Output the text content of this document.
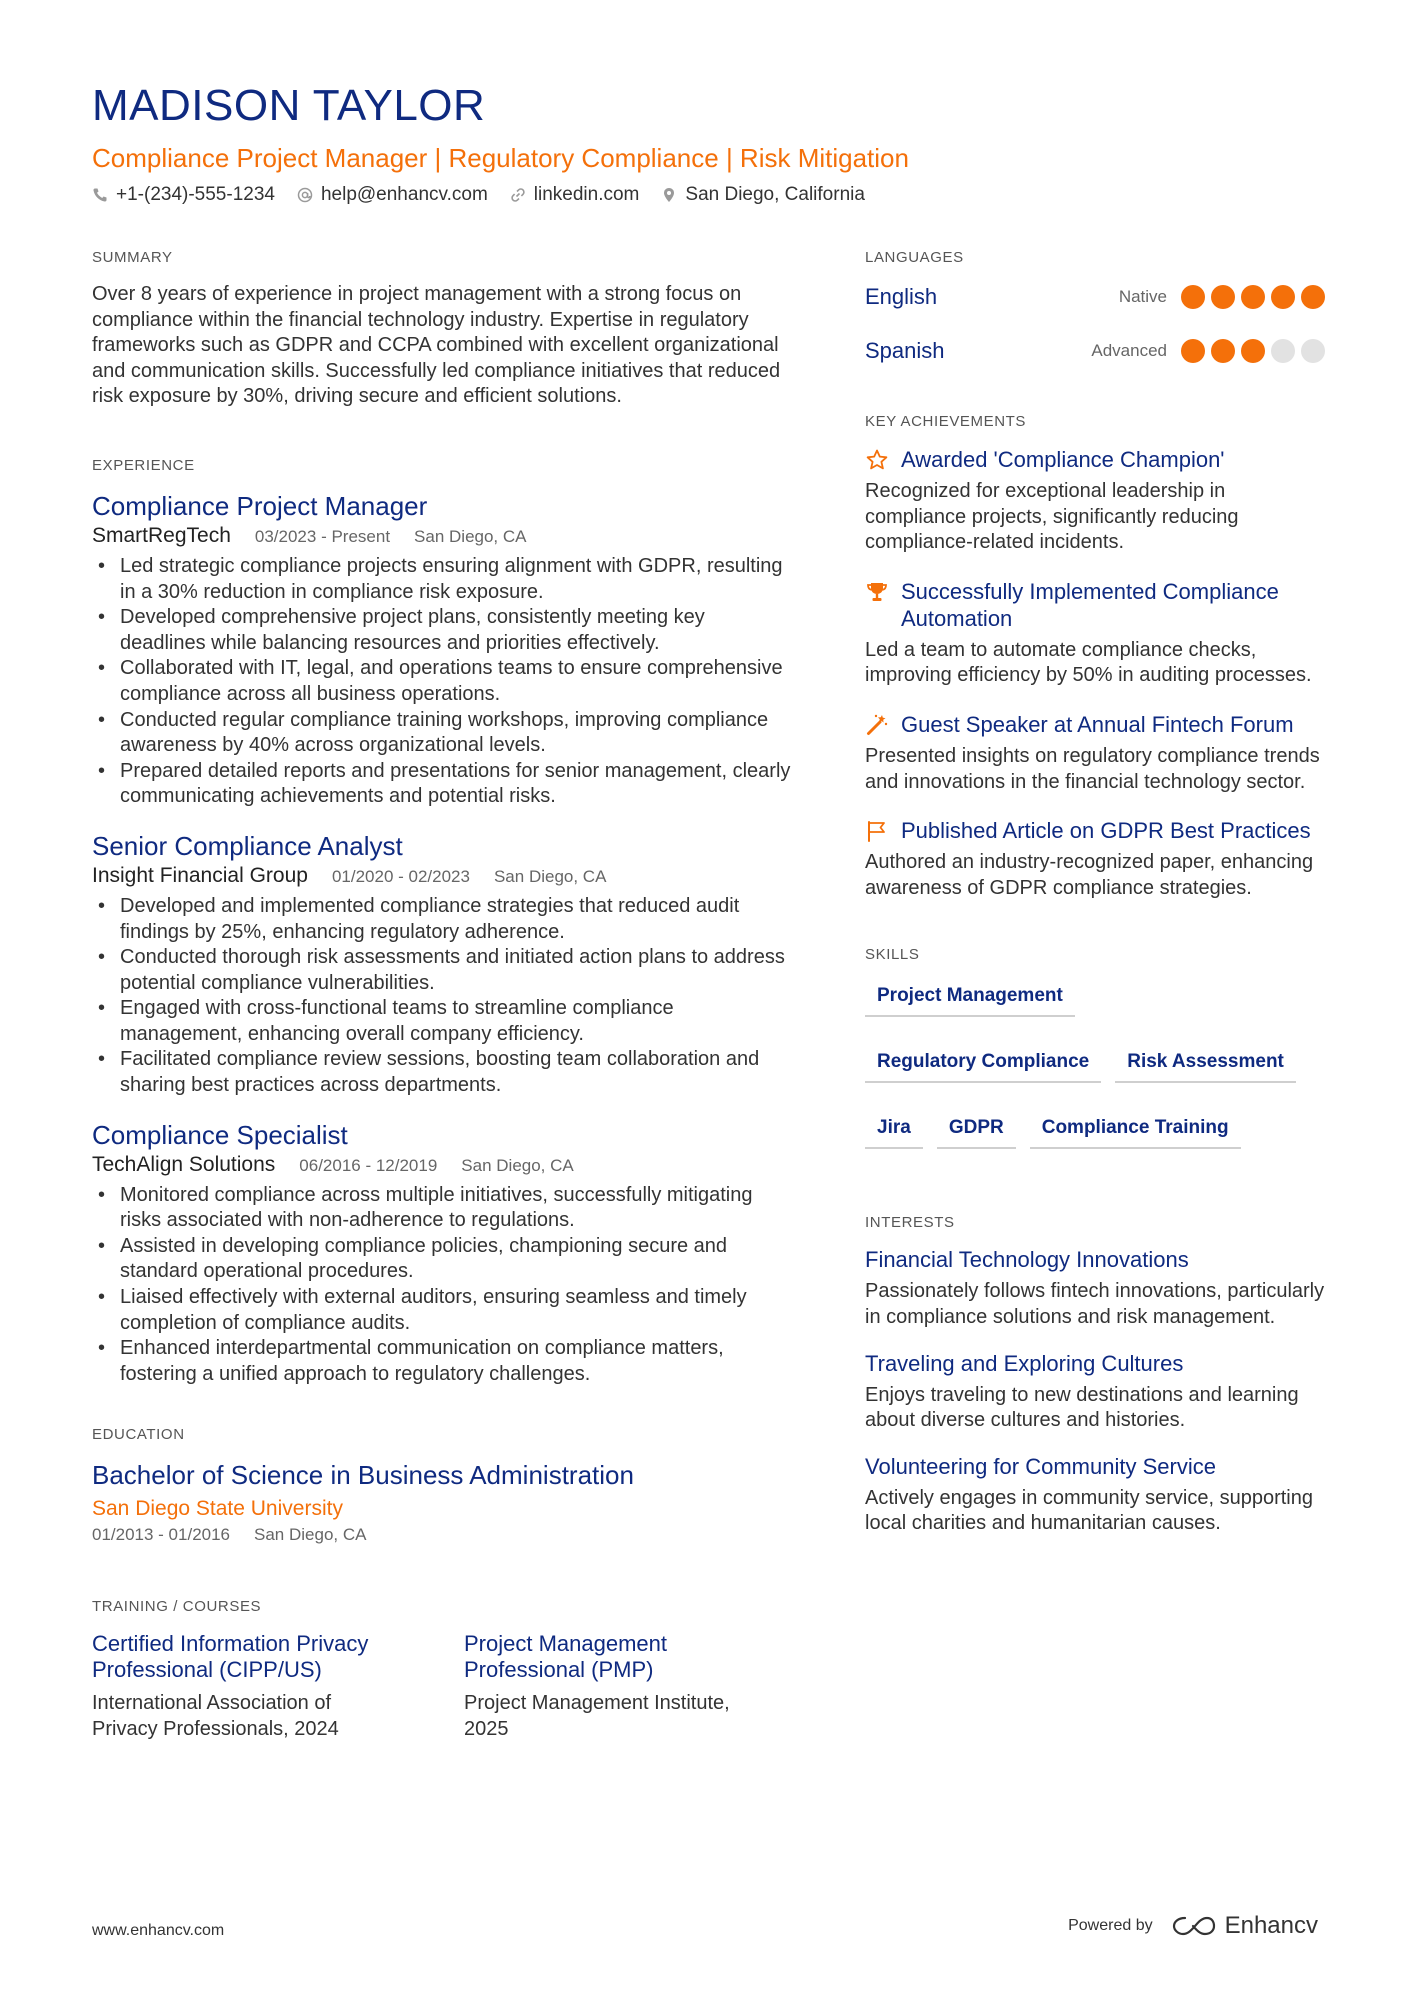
MADISON TAYLOR
Compliance Project Manager | Regulatory Compliance | Risk Mitigation
+1-(234)-555-1234 help@enhancv.com linkedin.com San Diego, California
SUMMARY
Over 8 years of experience in project management with a strong focus on compliance within the financial technology industry. Expertise in regulatory frameworks such as GDPR and CCPA combined with excellent organizational and communication skills. Successfully led compliance initiatives that reduced risk exposure by 30%, driving secure and efficient solutions.
EXPERIENCE
Compliance Project Manager
SmartRegTech 03/2023 - Present San Diego, CA
• Led strategic compliance projects ensuring alignment with GDPR, resulting in a 30% reduction in compliance risk exposure.
• Developed comprehensive project plans, consistently meeting key deadlines while balancing resources and priorities effectively.
• Collaborated with IT, legal, and operations teams to ensure comprehensive compliance across all business operations.
• Conducted regular compliance training workshops, improving compliance awareness by 40% across organizational levels.
• Prepared detailed reports and presentations for senior management, clearly communicating achievements and potential risks.
Senior Compliance Analyst
Insight Financial Group 01/2020 - 02/2023 San Diego, CA
• Developed and implemented compliance strategies that reduced audit findings by 25%, enhancing regulatory adherence.
• Conducted thorough risk assessments and initiated action plans to address potential compliance vulnerabilities.
• Engaged with cross-functional teams to streamline compliance management, enhancing overall company efficiency.
• Facilitated compliance review sessions, boosting team collaboration and sharing best practices across departments.
Compliance Specialist
TechAlign Solutions 06/2016 - 12/2019 San Diego, CA
• Monitored compliance across multiple initiatives, successfully mitigating risks associated with non-adherence to regulations.
• Assisted in developing compliance policies, championing secure and standard operational procedures.
• Liaised effectively with external auditors, ensuring seamless and timely completion of compliance audits.
• Enhanced interdepartmental communication on compliance matters, fostering a unified approach to regulatory challenges.
EDUCATION
Bachelor of Science in Business Administration
San Diego State University
01/2013 - 01/2016 San Diego, CA
TRAINING / COURSES
Certified Information Privacy Professional (CIPP/US)
International Association of Privacy Professionals, 2024
Project Management Professional (PMP)
Project Management Institute, 2025
LANGUAGES
English	Native
Spanish	Advanced
KEY ACHIEVEMENTS
Awarded 'Compliance Champion'
Recognized for exceptional leadership in compliance projects, significantly reducing compliance-related incidents.
Successfully Implemented Compliance Automation
Led a team to automate compliance checks, improving efficiency by 50% in auditing processes.
Guest Speaker at Annual Fintech Forum
Presented insights on regulatory compliance trends and innovations in the financial technology sector.
Published Article on GDPR Best Practices
Authored an industry-recognized paper, enhancing awareness of GDPR compliance strategies.
SKILLS
Project Management
Regulatory Compliance	Risk Assessment
Jira	GDPR	Compliance Training
INTERESTS
Financial Technology Innovations
Passionately follows fintech innovations, particularly in compliance solutions and risk management.
Traveling and Exploring Cultures
Enjoys traveling to new destinations and learning about diverse cultures and histories.
Volunteering for Community Service
Actively engages in community service, supporting local charities and humanitarian causes.
www.enhancv.com	Powered by	Enhancv
